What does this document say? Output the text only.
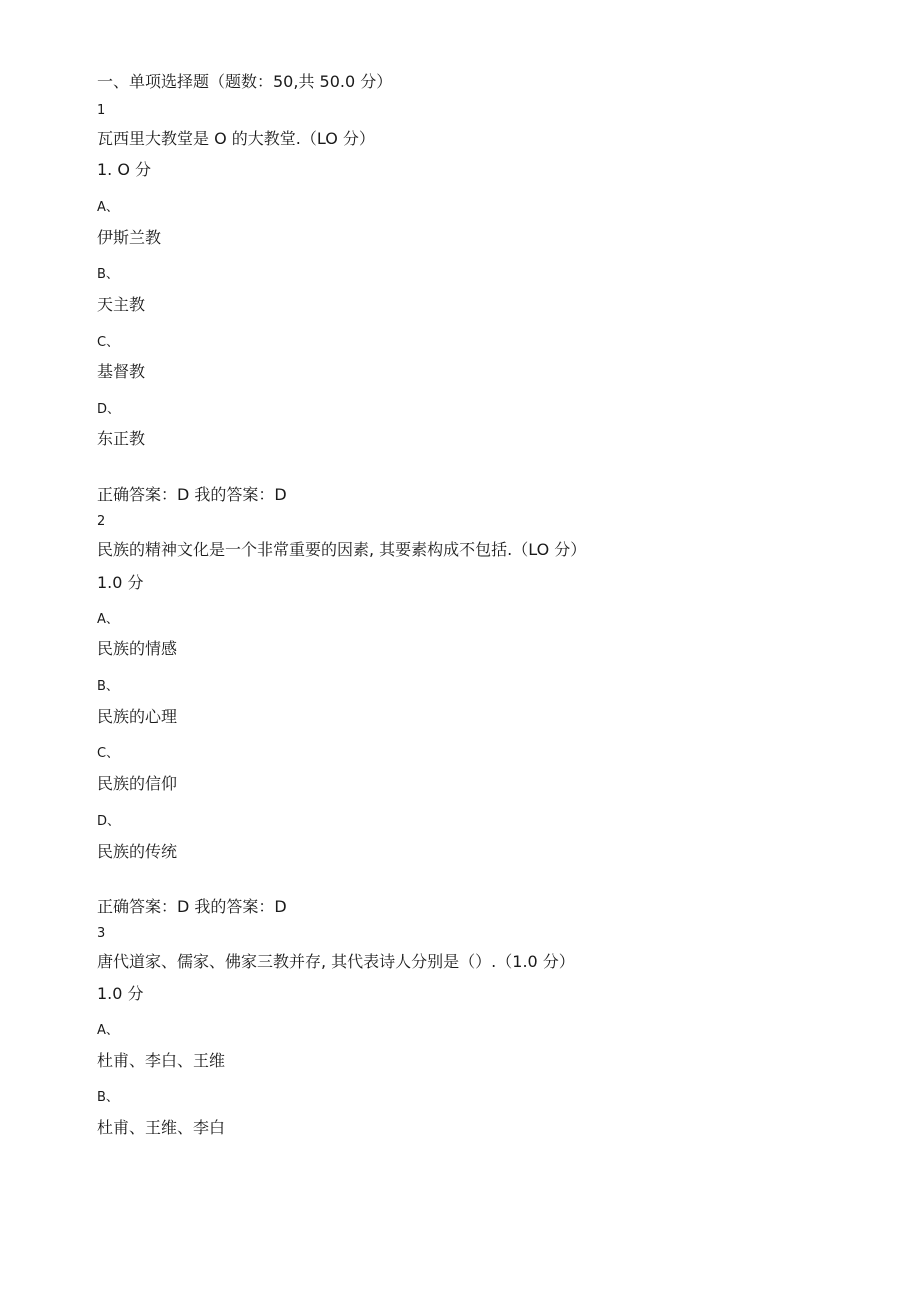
一、单项选择题（题数：50,共 50.0 分）
1
瓦西里大教堂是 O 的大教堂.（LO 分）
1. O 分
A、
伊斯兰教
B、
天主教
C、
基督教
D、
东正教
正确答案：D 我的答案：D
2
民族的精神文化是一个非常重要的因素, 其要素构成不包括.（LO 分）
1.0 分
A、
民族的情感
B、
民族的心理
C、
民族的信仰
D、
民族的传统
正确答案：D 我的答案：D
3
唐代道家、儒家、佛家三教并存, 其代表诗人分别是（）.（1.0 分）
1.0 分
A、
杜甫、李白、王维
B、
杜甫、王维、李白
